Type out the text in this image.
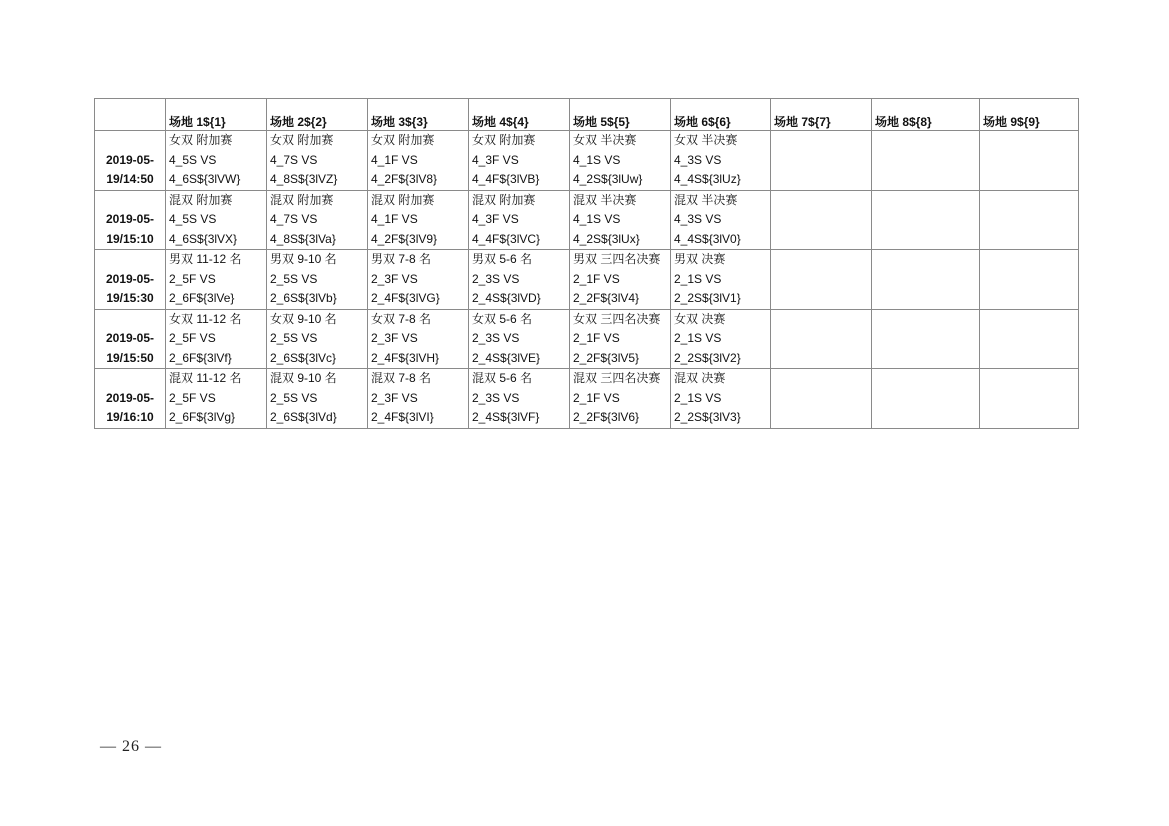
	场地 1${1}	场地 2${2}	场地 3${3}	场地 4${4}	场地 5${5}	场地 6${6}	场地 7${7}	场地 8${8}	场地 9${9}

2019-05-
19/14:50	女双 附加赛
4_5S VS
4_6S${3lVW}	女双 附加赛
4_7S VS
4_8S${3lVZ}	女双 附加赛
4_1F VS
4_2F${3lV8}	女双 附加赛
4_3F VS
4_4F${3lVB}	女双 半决赛
4_1S VS
4_2S${3lUw}	女双 半决赛
4_3S VS
4_4S${3lUz}			

2019-05-
19/15:10	混双 附加赛
4_5S VS
4_6S${3lVX}	混双 附加赛
4_7S VS
4_8S${3lVa}	混双 附加赛
4_1F VS
4_2F${3lV9}	混双 附加赛
4_3F VS
4_4F${3lVC}	混双 半决赛
4_1S VS
4_2S${3lUx}	混双 半决赛
4_3S VS
4_4S${3lV0}			

2019-05-
19/15:30	男双 11-12 名
2_5F VS
2_6F${3lVe}	男双 9-10 名
2_5S VS
2_6S${3lVb}	男双 7-8 名
2_3F VS
2_4F${3lVG}	男双 5-6 名
2_3S VS
2_4S${3lVD}	男双 三四名决赛
2_1F VS
2_2F${3lV4}	男双 决赛
2_1S VS
2_2S${3lV1}			

2019-05-
19/15:50	女双 11-12 名
2_5F VS
2_6F${3lVf}	女双 9-10 名
2_5S VS
2_6S${3lVc}	女双 7-8 名
2_3F VS
2_4F${3lVH}	女双 5-6 名
2_3S VS
2_4S${3lVE}	女双 三四名决赛
2_1F VS
2_2F${3lV5}	女双 决赛
2_1S VS
2_2S${3lV2}			

2019-05-
19/16:10	混双 11-12 名
2_5F VS
2_6F${3lVg}	混双 9-10 名
2_5S VS
2_6S${3lVd}	混双 7-8 名
2_3F VS
2_4F${3lVI}	混双 5-6 名
2_3S VS
2_4S${3lVF}	混双 三四名决赛
2_1F VS
2_2F${3lV6}	混双 决赛
2_1S VS
2_2S${3lV3}			

— 26 —
